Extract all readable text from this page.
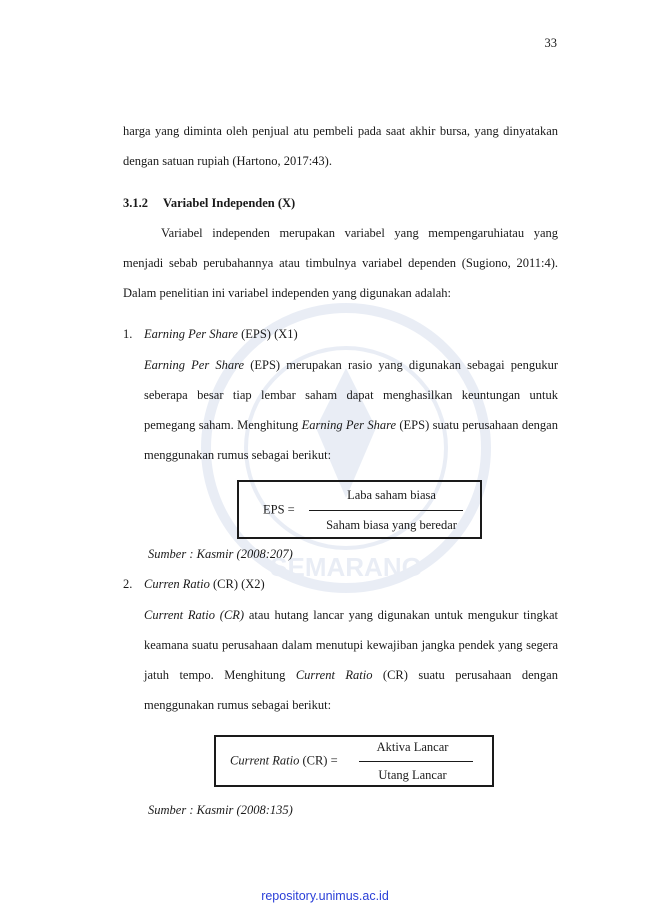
SEMARANG
33
harga yang diminta oleh penjual atu pembeli pada saat akhir bursa, yang dinyatakan dengan satuan rupiah (Hartono, 2017:43).
3.1.2 Variabel Independen (X)
Variabel independen merupakan variabel yang mempengaruhiatau yang menjadi sebab perubahannya atau timbulnya variabel dependen (Sugiono, 2011:4). Dalam penelitian ini variabel independen yang digunakan adalah:
1. Earning Per Share (EPS) (X1)
Earning Per Share (EPS) merupakan rasio yang digunakan sebagai pengukur seberapa besar tiap lembar saham dapat menghasilkan keuntungan untuk pemegang saham. Menghitung Earning Per Share (EPS) suatu perusahaan dengan menggunakan rumus sebagai berikut:
EPS =
Laba saham biasa
Saham biasa yang beredar
Sumber : Kasmir (2008:207)
2. Curren Ratio (CR) (X2)
Current Ratio (CR) atau hutang lancar yang digunakan untuk mengukur tingkat keamana suatu perusahaan dalam menutupi kewajiban jangka pendek yang segera jatuh tempo. Menghitung Current Ratio (CR) suatu perusahaan dengan menggunakan rumus sebagai berikut:
Current Ratio (CR) =
Aktiva Lancar
Utang Lancar
Sumber : Kasmir (2008:135)
repository.unimus.ac.id
